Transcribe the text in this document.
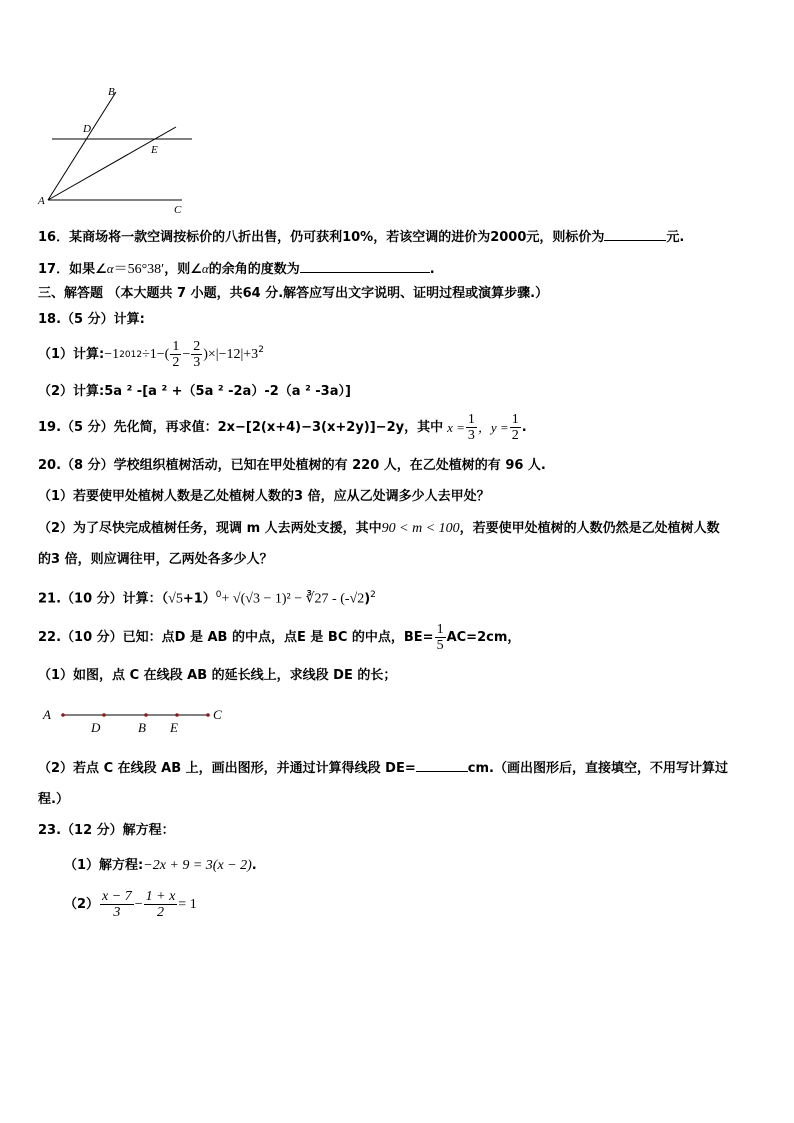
B
D
E
A
C
16．某商场将一款空调按标价的八折出售，仍可获利10%，若该空调的进价为2000元，则标价为	元.
17．如果∠α＝56°38′，则∠α的余角的度数为	.
三、解答题 （本大题共 7 小题，共64 分.解答应写出文字说明、证明过程或演算步骤.）
18.（5 分）计算:
（1）计算: −1 $2012 \div 1-( \frac{1}{2} - \frac{2}{3} )\times|-12|+3$ 2
（2）计算:5a ² -[a ² +（5a ² -2a）-2（a ² -3a）]
19.（5 分）先化简，再求值：2x−[2(x+4)−3(x+2y)]−2y，其中 $x = \frac{1}{3}$ ，$y = \frac{1}{2}$ .
20.（8 分）学校组织植树活动，已知在甲处植树的有 220 人，在乙处植树的有 96 人.
（1）若要使甲处植树人数是乙处植树人数的3 倍，应从乙处调多少人去甲处？
（2）为了尽快完成植树任务，现调 m 人去两处支援，其中90 < m < 100，若要使甲处植树的人数仍然是乙处植树人数
的3 倍，则应调往甲，乙两处各多少人？
21.（10 分）计算：$(√5+1)^0+ √(√3 - 1)^2$ − ∛27 - $(-√2)^2$
22.（10 分）已知：点D 是 AB 的中点，点E 是 BC 的中点，$BE= \frac{1}{5} AC=2cm$，
（1）如图，点 C 在线段 AB 的延长线上，求线段 DE 的长；
A
D	B E
C
（2）若点 C 在线段 AB 上，画出图形，并通过计算得线段 DE=	cm.（画出图形后，直接填空，不用写计算过
程.）
23.（12 分）解方程：
（1）解方程:−2x + 9 = 3(x − 2).
$(2) \frac{x - 7}{3} - \frac{1 + x}{2} = 1$
